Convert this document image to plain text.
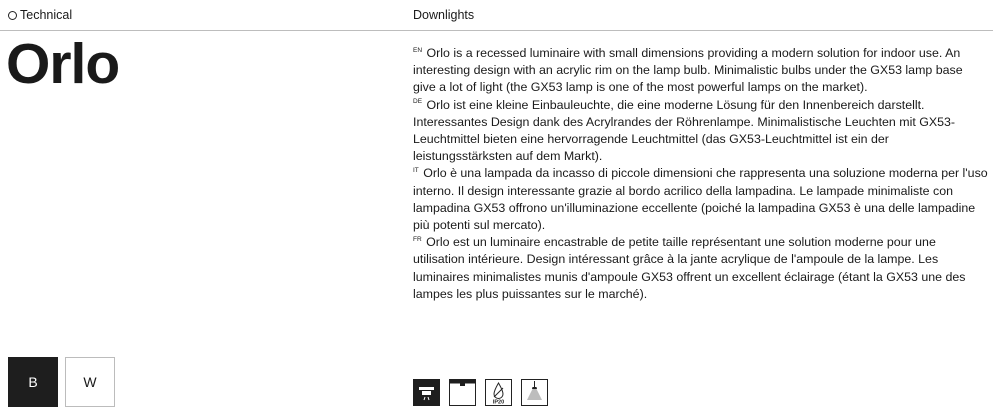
Technical	Downlights
Orlo	$^{EN}$ Orlo is a recessed luminaire with small dimensions providing a modern solution for indoor use. An interesting design with an acrylic rim on the lamp bulb. Minimalistic bulbs under the GX53 lamp base give a lot of light (the GX53 lamp is one of the most powerful lamps on the market).

$^{DE}$ Orlo ist eine kleine Einbauleuchte, die eine moderne Lösung für den Innenbereich darstellt. Interessantes Design dank des Acrylrandes der Röhrenlampe. Minimalistische Leuchten mit GX53-Leuchtmittel bieten eine hervorragende Leuchtmittel (das GX53-Leuchtmittel ist ein der leistungsstärksten auf dem Markt).

$^{IT}$ Orlo è una lampada da incasso di piccole dimensioni che rappresenta una soluzione moderna per l'uso interno. Il design interessante grazie al bordo acrilico della lampadina. Le lampade minimaliste con lampadina GX53 offrono un'illuminazione eccellente (poiché la lampadina GX53 è una delle lampadine più potenti sul mercato).

$^{FR}$ Orlo est un luminaire encastrable de petite taille représentant une solution moderne pour une utilisation intérieure. Design intéressant grâce à la jante acrylique de l'ampoule de la lampe. Les luminaires minimalistes munis d'ampoule GX53 offrent un excellent éclairage (étant la GX53 une des lampes les plus puissantes sur le marché).

B	W
IP20
